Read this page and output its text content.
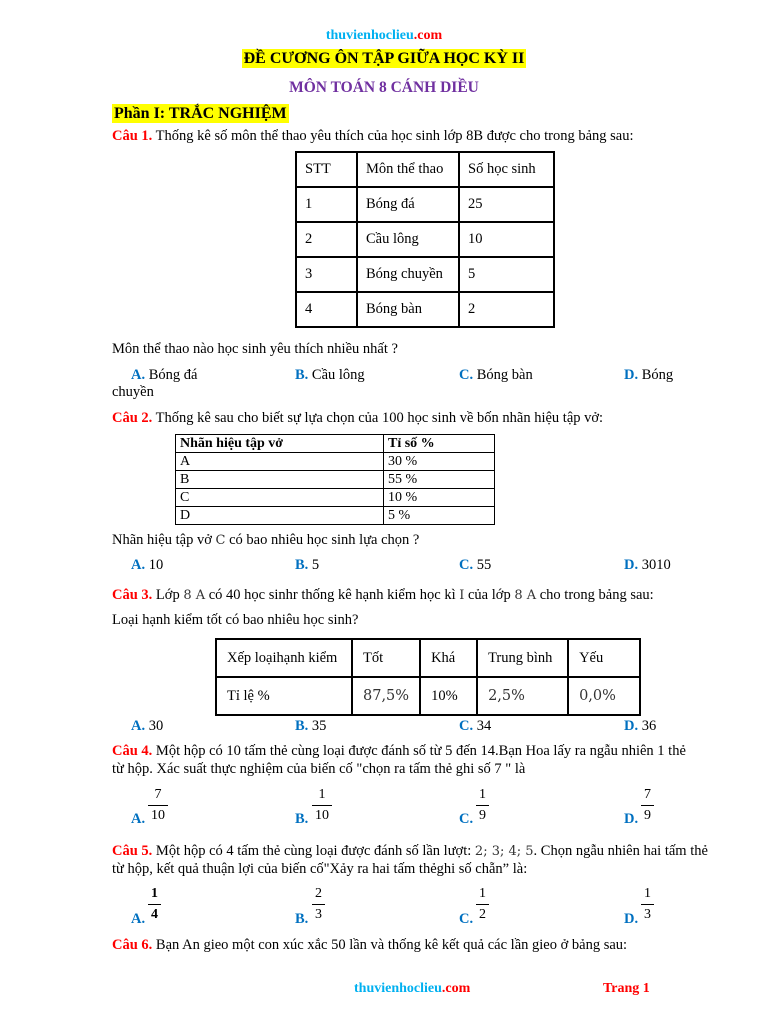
thuvienhoclieu.com
ĐỀ CƯƠNG ÔN TẬP GIỮA HỌC KỲ II
MÔN TOÁN 8 CÁNH DIỀU
Phần I: TRẮC NGHIỆM
Câu 1. Thống kê số môn thể thao yêu thích của học sinh lớp 8B được cho trong bảng sau:
STT	Môn thể thao	Số học sinh
1	Bóng đá	25
2	Cầu lông	10
3	Bóng chuyền	5
4	Bóng bàn	2
Môn thể thao nào học sinh yêu thích nhiều nhất ?
A. Bóng đá	B. Cầu lông	C. Bóng bàn	D. Bóng
chuyền
Câu 2. Thống kê sau cho biết sự lựa chọn của 100 học sinh về bốn nhãn hiệu tập vở:
Nhãn hiệu tập vở	Tỉ số %
A	30 %
B	55 %
C	10 %
D	5 %
Nhãn hiệu tập vở C có bao nhiêu học sinh lựa chọn ?
A. 10	B. 5	C. 55	D. 3010
Câu 3. Lớp 8 A có 40 học sinhr thống kê hạnh kiểm học kì I của lớp 8 A cho trong bảng sau:
Loại hạnh kiểm tốt có bao nhiêu học sinh?
Xếp loạihạnh kiểm	Tốt	Khá	Trung bình	Yếu
Tỉ lệ %	87,5%	10%	2,5%	0,0%
A. 30	B. 35	C. 34	D. 36
Câu 4. Một hộp có 10 tấm thẻ cùng loại được đánh số từ 5 đến 14.Bạn Hoa lấy ra ngẫu nhiên 1 thẻ
từ hộp. Xác suất thực nghiệm của biến cố "chọn ra tấm thẻ ghi số 7 " là
A.
7
10	B.
1
10	C.
1
9	D.
7
9
Câu 5. Một hộp có 4 tấm thẻ cùng loại được đánh số lần lượt: 2; 3; 4; 5. Chọn ngẫu nhiên hai tấm thẻ
từ hộp, kết quả thuận lợi của biến cố"Xảy ra hai tấm thẻghi số chẵn” là:
A.
1
4	B.
2
3	C.
1
2	D.
1
3
Câu 6. Bạn An gieo một con xúc xắc 50 lần và thống kê kết quả các lần gieo ở bảng sau:
thuvienhoclieu.com	Trang 1
